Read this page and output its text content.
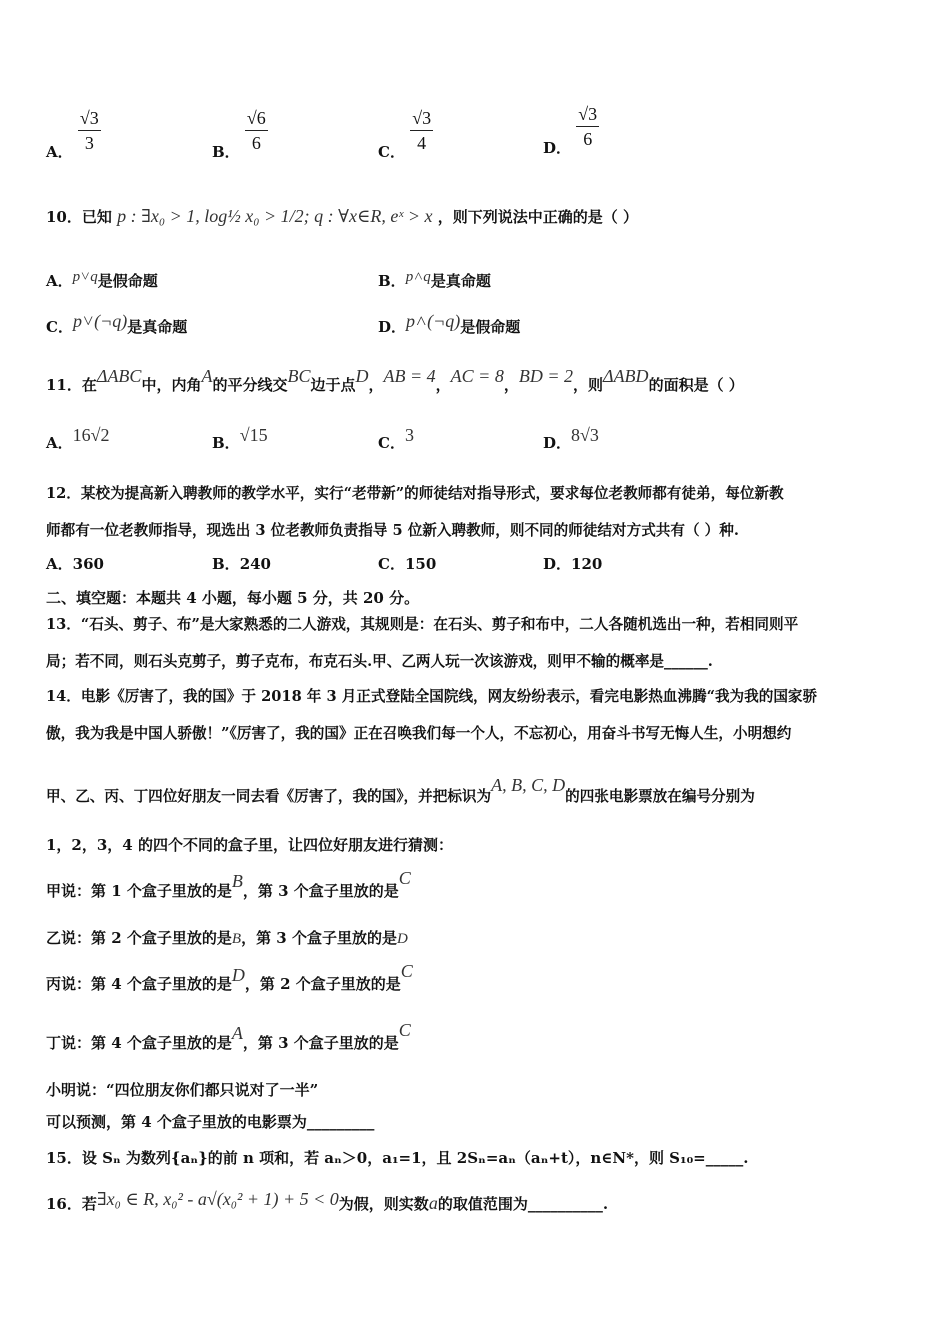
A． $\frac{√3}{3}$	B． $\frac{√6}{6}$	C． $\frac{√3}{4}$	D． $\frac{√3}{6}$
10．已知 p : ∃x₀ > 1, log½ x₀ > 1/2; q : ∀x∈R, eˣ > x ，则下列说法中正确的是（ ）
A．p˅q是假命题	B．p˄q是真命题
C．p˅(¬q)是真命题	D．p˄(¬q)是假命题
11．在ΔABC中，内角A的平分线交BC边于点D，AB = 4，AC = 8，BD = 2，则ΔABD的面积是（ ）
A．16√2	B．√15	C．3	D．8√3
12．某校为提高新入聘教师的教学水平，实行“老带新”的师徒结对指导形式，要求每位老教师都有徒弟，每位新教
师都有一位老教师指导，现选出 3 位老教师负责指导 5 位新入聘教师，则不同的师徒结对方式共有（ ）种.
A．360	B．240	C．150	D．120
二、填空题：本题共 4 小题，每小题 5 分，共 20 分。
13．“石头、剪子、布”是大家熟悉的二人游戏，其规则是：在石头、剪子和布中，二人各随机选出一种，若相同则平
局；若不同，则石头克剪子，剪子克布，布克石头.甲、乙两人玩一次该游戏，则甲不输的概率是______.
14．电影《厉害了，我的国》于 2018 年 3 月正式登陆全国院线，网友纷纷表示，看完电影热血沸腾“我为我的国家骄
傲，我为我是中国人骄傲！”《厉害了，我的国》正在召唤我们每一个人，不忘初心，用奋斗书写无悔人生，小明想约
甲、乙、丙、丁四位好朋友一同去看《厉害了，我的国》，并把标识为A, B, C, D的四张电影票放在编号分别为
1，2，3，4 的四个不同的盒子里，让四位好朋友进行猜测：
甲说：第 1 个盒子里放的是B，第 3 个盒子里放的是C
乙说：第 2 个盒子里放的是B，第 3 个盒子里放的是D
丙说：第 4 个盒子里放的是D，第 2 个盒子里放的是C
丁说：第 4 个盒子里放的是A，第 3 个盒子里放的是C
小明说：“四位朋友你们都只说对了一半”
可以预测，第 4 个盒子里放的电影票为_________
15．设 Sₙ 为数列{aₙ}的前 n 项和，若 aₙ＞0，a₁=1，且 2Sₙ=aₙ（aₙ+t），n∈N*，则 S₁₀=_____.
16．若∃x₀ ∈ R, x₀² - a√(x₀² + 1) + 5 < 0为假，则实数a的取值范围为__________.
